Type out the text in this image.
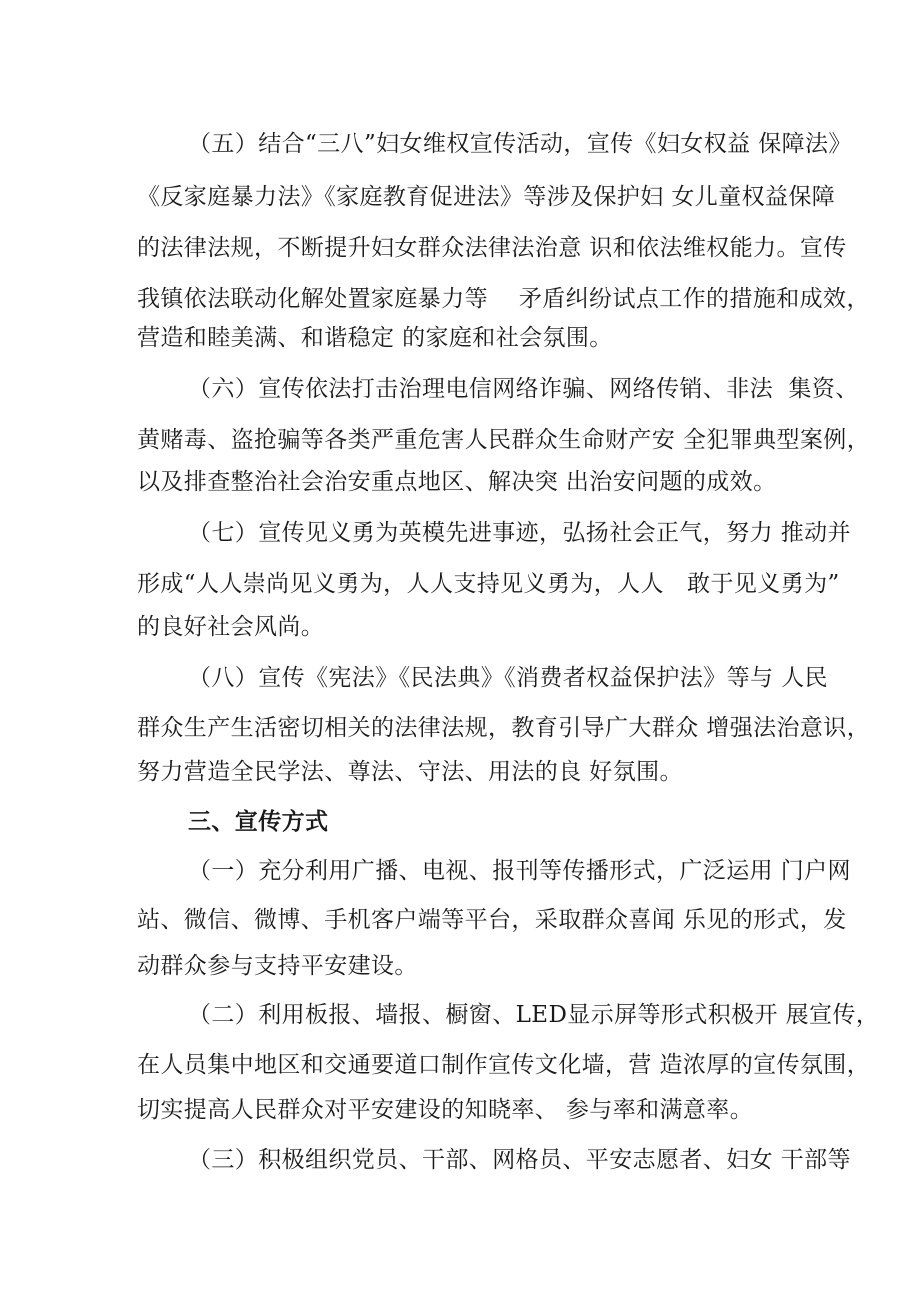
（五）结合“三八”妇女维权宣传活动，宣传《妇女权益 保障法》
《反家庭暴力法》《家庭教育促进法》等涉及保护妇 女儿童权益保障
的法律法规，不断提升妇女群众法律法治意 识和依法维权能力。宣传
我镇依法联动化解处置家庭暴力等    矛盾纠纷试点工作的措施和成效，
营造和睦美满、和谐稳定 的家庭和社会氛围。
（六）宣传依法打击治理电信网络诈骗、网络传销、非法  集资、
黄赌毒、盗抢骗等各类严重危害人民群众生命财产安 全犯罪典型案例，
以及排查整治社会治安重点地区、解决突 出治安问题的成效。
（七）宣传见义勇为英模先进事迹，弘扬社会正气，努力 推动并
形成“人人崇尚见义勇为，人人支持见义勇为，人人   敢于见义勇为”
的良好社会风尚。
（八）宣传《宪法》《民法典》《消费者权益保护法》等与 人民
群众生产生活密切相关的法律法规，教育引导广大群众 增强法治意识，
努力营造全民学法、尊法、守法、用法的良 好氛围。
三、宣传方式
（一）充分利用广播、电视、报刊等传播形式，广泛运用 门户网
站、微信、微博、手机客户端等平台，采取群众喜闻 乐见的形式，发
动群众参与支持平安建设。
（二）利用板报、墙报、橱窗、LED显示屏等形式积极开 展宣传，
在人员集中地区和交通要道口制作宣传文化墙，营 造浓厚的宣传氛围，
切实提高人民群众对平安建设的知晓率、 参与率和满意率。
（三）积极组织党员、干部、网格员、平安志愿者、妇女 干部等
